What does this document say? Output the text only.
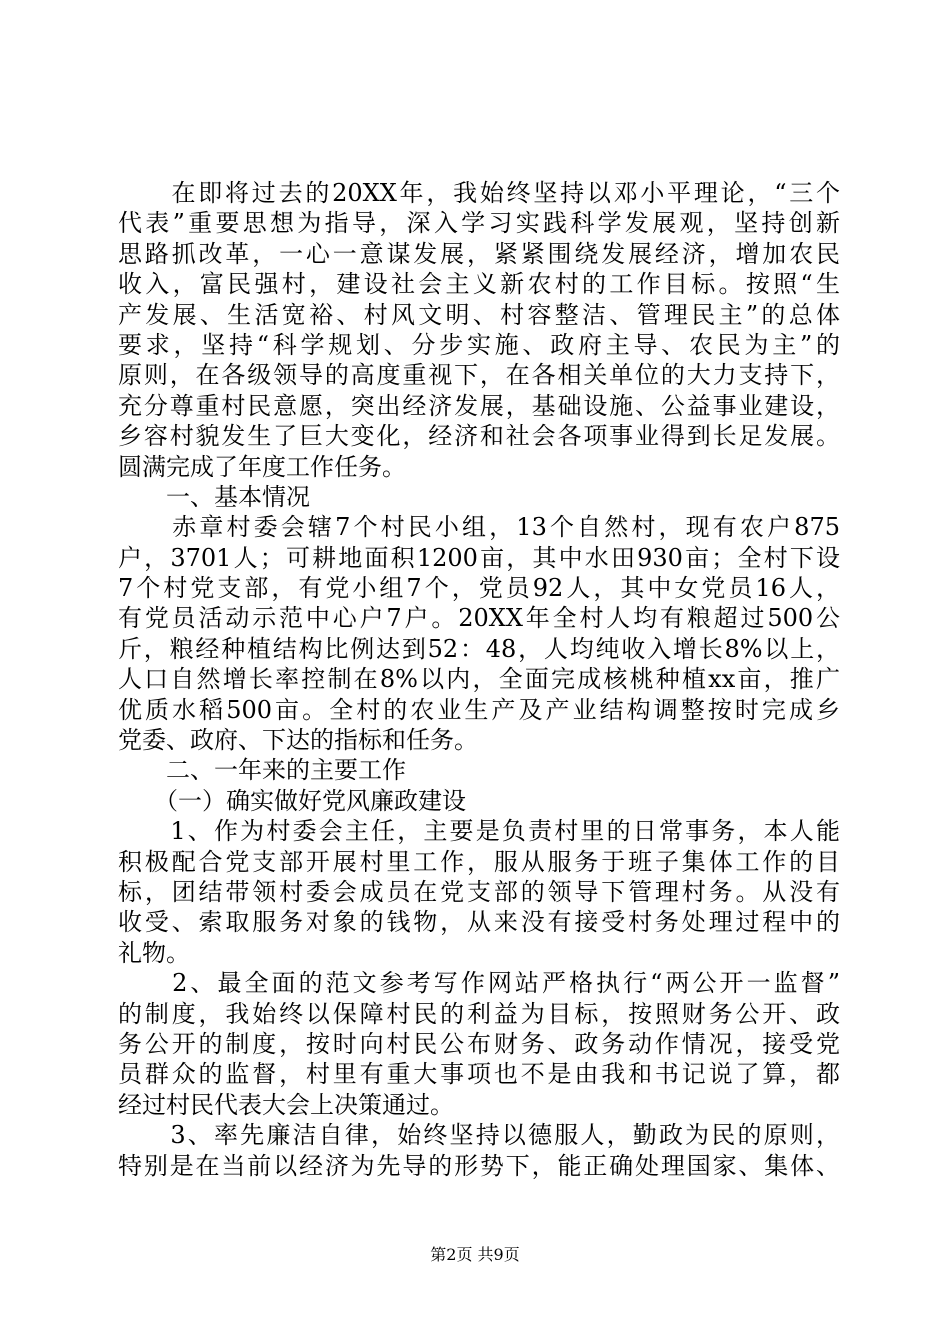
　　在即将过去的20XX年，我始终坚持以邓小平理论，“三个
代表”重要思想为指导，深入学习实践科学发展观，坚持创新
思路抓改革，一心一意谋发展，紧紧围绕发展经济，增加农民
收入，富民强村，建设社会主义新农村的工作目标。按照“生
产发展、生活宽裕、村风文明、村容整洁、管理民主”的总体
要求，坚持“科学规划、分步实施、政府主导、农民为主”的
原则，在各级领导的高度重视下，在各相关单位的大力支持下，
充分尊重村民意愿，突出经济发展，基础设施、公益事业建设，
乡容村貌发生了巨大变化，经济和社会各项事业得到长足发展。
圆满完成了年度工作任务。
　　一、基本情况
　　赤章村委会辖7个村民小组，13个自然村，现有农户875
户，3701人；可耕地面积1200亩，其中水田930亩；全村下设
7个村党支部，有党小组7个，党员92人，其中女党员16人，
有党员活动示范中心户7户。20XX年全村人均有粮超过500公
斤，粮经种植结构比例达到52：48，人均纯收入增长8%以上，
人口自然增长率控制在8%以内，全面完成核桃种植xx亩，推广
优质水稻500亩。全村的农业生产及产业结构调整按时完成乡
党委、政府、下达的指标和任务。
　　二、一年来的主要工作
　　（一）确实做好党风廉政建设
　　1、作为村委会主任，主要是负责村里的日常事务，本人能
积极配合党支部开展村里工作，服从服务于班子集体工作的目
标，团结带领村委会成员在党支部的领导下管理村务。从没有
收受、索取服务对象的钱物，从来没有接受村务处理过程中的
礼物。
　　2、最全面的范文参考写作网站严格执行“两公开一监督”
的制度，我始终以保障村民的利益为目标，按照财务公开、政
务公开的制度，按时向村民公布财务、政务动作情况，接受党
员群众的监督，村里有重大事项也不是由我和书记说了算，都
经过村民代表大会上决策通过。
　　3、率先廉洁自律，始终坚持以德服人，勤政为民的原则，
特别是在当前以经济为先导的形势下，能正确处理国家、集体、
第2页 共9页
